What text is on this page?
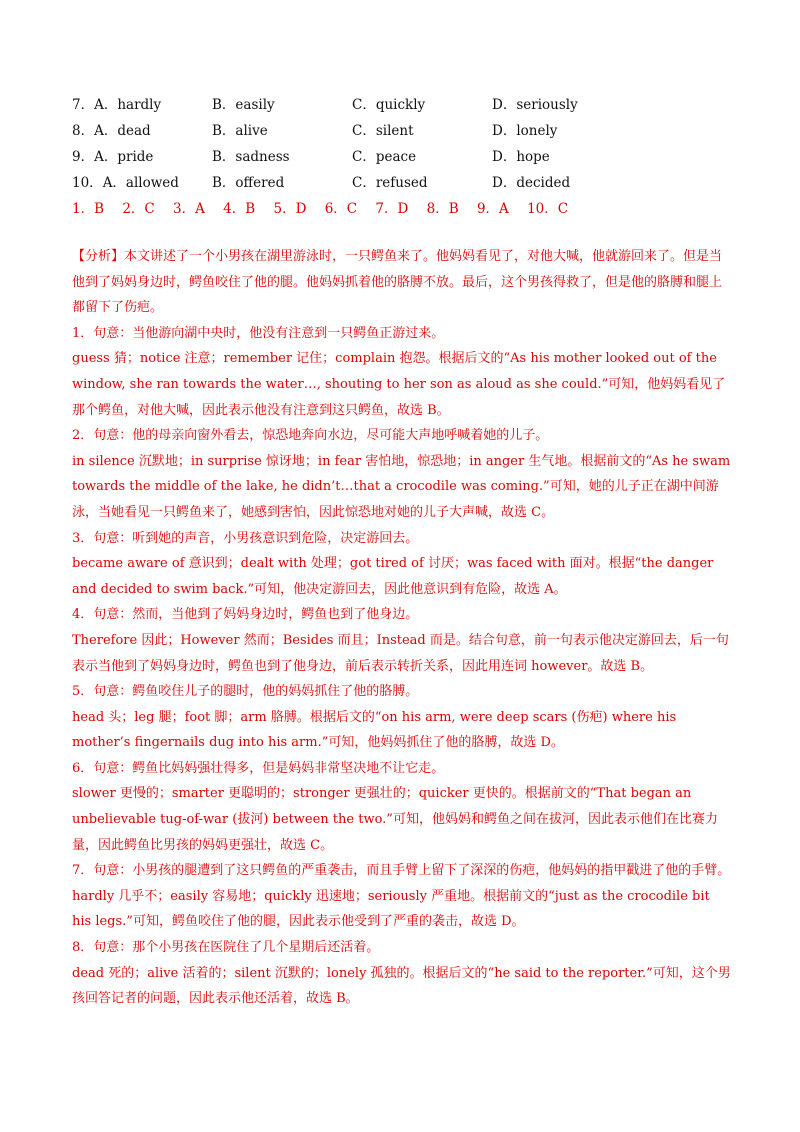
7．A．hardly	B．easily	C．quickly	D．seriously
8．A．dead	B．alive	C．silent	D．lonely
9．A．pride	B．sadness	C．peace	D．hope
10．A．allowed B．offered	C．refused	D．decided
1．B 2．C 3．A 4．B 5．D 6．C 7．D 8．B 9．A 10．C

【分析】本文讲述了一个小男孩在湖里游泳时，一只鳄鱼来了。他妈妈看见了，对他大喊，他就游回来了。但是当他到了妈妈身边时，鳄鱼咬住了他的腿。他妈妈抓着他的胳膊不放。最后，这个男孩得救了，但是他的胳膊和腿上都留下了伤疤。

1．句意：当他游向湖中央时，他没有注意到一只鳄鱼正游过来。

guess 猜；notice 注意；remember 记住；complain 抱怨。根据后文的“As his mother looked out of the window, she ran towards the water…, shouting to her son as aloud as she could.”可知，他妈妈看见了那个鳄鱼，对他大喊，因此表示他没有注意到这只鳄鱼，故选 B。

2．句意：他的母亲向窗外看去，惊恐地奔向水边，尽可能大声地呼喊着她的儿子。

in silence 沉默地；in surprise 惊讶地；in fear 害怕地，惊恐地；in anger 生气地。根据前文的“As he swam towards the middle of the lake, he didn’t…that a crocodile was coming.”可知，她的儿子正在湖中间游泳，当她看见一只鳄鱼来了，她感到害怕，因此惊恐地对她的儿子大声喊，故选 C。

3．句意：听到她的声音，小男孩意识到危险，决定游回去。

became aware of 意识到；dealt with 处理；got tired of 讨厌；was faced with 面对。根据“the danger and decided to swim back.”可知，他决定游回去，因此他意识到有危险，故选 A。

4．句意：然而，当他到了妈妈身边时，鳄鱼也到了他身边。

Therefore 因此；However 然而；Besides 而且；Instead 而是。结合句意，前一句表示他决定游回去，后一句表示当他到了妈妈身边时，鳄鱼也到了他身边，前后表示转折关系，因此用连词 however。故选 B。

5．句意：鳄鱼咬住儿子的腿时，他的妈妈抓住了他的胳膊。

head 头；leg 腿；foot 脚；arm 胳膊。根据后文的“on his arm, were deep scars (伤疤) where his mother’s fingernails dug into his arm.”可知，他妈妈抓住了他的胳膊，故选 D。

6．句意：鳄鱼比妈妈强壮得多，但是妈妈非常坚决地不让它走。

slower 更慢的；smarter 更聪明的；stronger 更强壮的；quicker 更快的。根据前文的“That began an unbelievable tug-of-war (拔河) between the two.”可知，他妈妈和鳄鱼之间在拔河，因此表示他们在比赛力量，因此鳄鱼比男孩的妈妈更强壮，故选 C。

7．句意：小男孩的腿遭到了这只鳄鱼的严重袭击，而且手臂上留下了深深的伤疤，他妈妈的指甲戳进了他的手臂。

hardly 几乎不；easily 容易地；quickly 迅速地；seriously 严重地。根据前文的“just as the crocodile bit his legs.”可知，鳄鱼咬住了他的腿，因此表示他受到了严重的袭击，故选 D。

8．句意：那个小男孩在医院住了几个星期后还活着。

dead 死的；alive 活着的；silent 沉默的；lonely 孤独的。根据后文的“he said to the reporter.”可知，这个男孩回答记者的问题，因此表示他还活着，故选 B。
